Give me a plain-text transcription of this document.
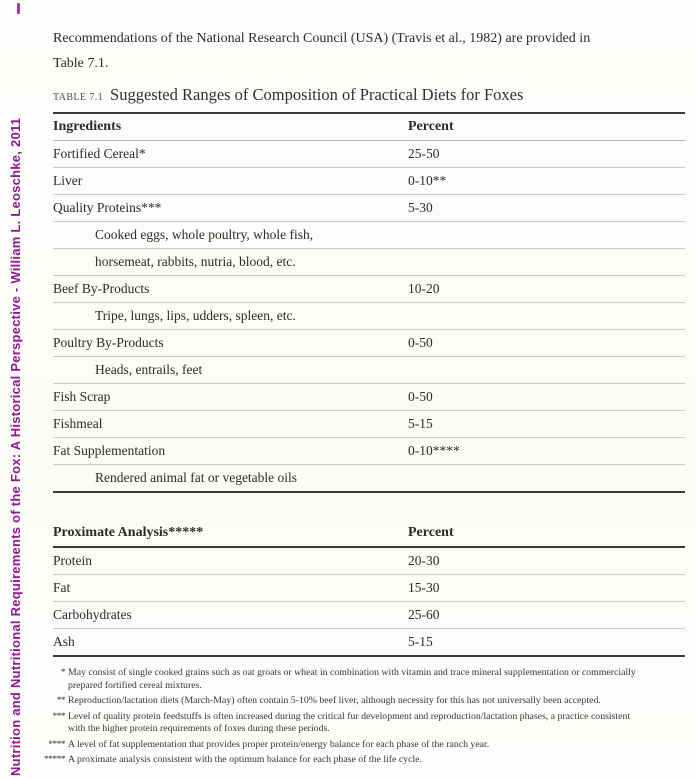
Nutrition and Nutritional Requirements of the Fox: A Historical Perspective - William L. Leoschke, 2011

Recommendations of the National Research Council (USA) (Travis et al., 1982) are provided in
Table 7.1.

TABLE 7.1 Suggested Ranges of Composition of Practical Diets for Foxes
Ingredients	Percent
Fortified Cereal*	25-50
Liver	0-10**
Quality Proteins***	5-30
Cooked eggs, whole poultry, whole fish,
horsemeat, rabbits, nutria, blood, etc.
Beef By-Products	10-20
Tripe, lungs, lips, udders, spleen, etc.
Poultry By-Products	0-50
Heads, entrails, feet
Fish Scrap	0-50
Fishmeal	5-15
Fat Supplementation	0-10****
Rendered animal fat or vegetable oils
Proximate Analysis*****	Percent
Protein	20-30
Fat	15-30
Carbohydrates	25-60
Ash	5-15
* May consist of single cooked grains such as oat groats or wheat in combination with vitamin and trace mineral supplementation or commercially prepared fortified cereal mixtures.
** Reproduction/lactation diets (March-May) often contain 5-10% beef liver, although necessity for this has not universally been accepted.
*** Level of quality protein feedstuffs is often increased during the critical fur development and reproduction/lactation phases, a practice consistent with the higher protein requirements of foxes during these periods.
**** A level of fat supplementation that provides proper protein/energy balance for each phase of the ranch year.
***** A proximate analysis consistent with the optimum balance for each phase of the life cycle.
